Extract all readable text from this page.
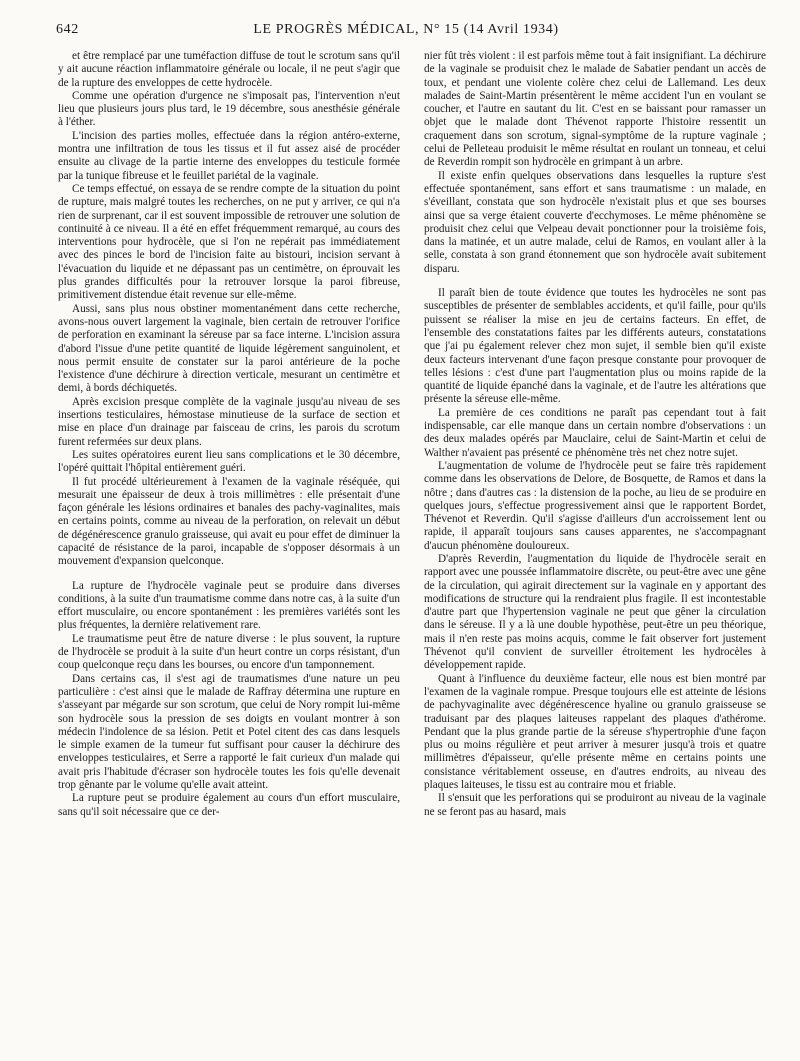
642	LE PROGRÈS MÉDICAL, N° 15 (14 Avril 1934)

et être remplacé par une tuméfaction diffuse de tout le scrotum sans qu'il y ait aucune réaction inflammatoire générale ou locale, il ne peut s'agir que de la rupture des enveloppes de cette hydrocèle.

Comme une opération d'urgence ne s'imposait pas, l'intervention n'eut lieu que plusieurs jours plus tard, le 19 décembre, sous anesthésie générale à l'éther.

L'incision des parties molles, effectuée dans la région antéro-externe, montra une infiltration de tous les tissus et il fut assez aisé de procéder ensuite au clivage de la partie interne des enveloppes du testicule formée par la tunique fibreuse et le feuillet pariétal de la vaginale.

Ce temps effectué, on essaya de se rendre compte de la situation du point de rupture, mais malgré toutes les recherches, on ne put y arriver, ce qui n'a rien de surprenant, car il est souvent impossible de retrouver une solution de continuité à ce niveau. Il a été en effet fréquemment remarqué, au cours des interventions pour hydrocèle, que si l'on ne repérait pas immédiatement avec des pinces le bord de l'incision faite au bistouri, incision servant à l'évacuation du liquide et ne dépassant pas un centimètre, on éprouvait les plus grandes difficultés pour la retrouver lorsque la paroi fibreuse, primitivement distendue était revenue sur elle-même.

Aussi, sans plus nous obstiner momentanément dans cette recherche, avons-nous ouvert largement la vaginale, bien certain de retrouver l'orifice de perforation en examinant la séreuse par sa face interne. L'incision assura d'abord l'issue d'une petite quantité de liquide légèrement sanguinolent, et nous permit ensuite de constater sur la paroi antérieure de la poche l'existence d'une déchirure à direction verticale, mesurant un centimètre et demi, à bords déchiquetés.

Après excision presque complète de la vaginale jusqu'au niveau de ses insertions testiculaires, hémostase minutieuse de la surface de section et mise en place d'un drainage par faisceau de crins, les parois du scrotum furent refermées sur deux plans.

Les suites opératoires eurent lieu sans complications et le 30 décembre, l'opéré quittait l'hôpital entièrement guéri.

Il fut procédé ultérieurement à l'examen de la vaginale réséquée, qui mesurait une épaisseur de deux à trois millimètres : elle présentait d'une façon générale les lésions ordinaires et banales des pachy-vaginalites, mais en certains points, comme au niveau de la perforation, on relevait un début de dégénérescence granulo graisseuse, qui avait eu pour effet de diminuer la capacité de résistance de la paroi, incapable de s'opposer désormais à un mouvement d'expansion quelconque.

La rupture de l'hydrocèle vaginale peut se produire dans diverses conditions, à la suite d'un traumatisme comme dans notre cas, à la suite d'un effort musculaire, ou encore spontanément : les premières variétés sont les plus fréquentes, la dernière relativement rare.

Le traumatisme peut être de nature diverse : le plus souvent, la rupture de l'hydrocèle se produit à la suite d'un heurt contre un corps résistant, d'un coup quelconque reçu dans les bourses, ou encore d'un tamponnement.

Dans certains cas, il s'est agi de traumatismes d'une nature un peu particulière : c'est ainsi que le malade de Raffray détermina une rupture en s'asseyant par mégarde sur son scrotum, que celui de Nory rompit lui-même son hydrocèle sous la pression de ses doigts en voulant montrer à son médecin l'indolence de sa lésion. Petit et Potel citent des cas dans lesquels le simple examen de la tumeur fut suffisant pour causer la déchirure des enveloppes testiculaires, et Serre a rapporté le fait curieux d'un malade qui avait pris l'habitude d'écraser son hydrocèle toutes les fois qu'elle devenait trop gênante par le volume qu'elle avait atteint.

La rupture peut se produire également au cours d'un effort musculaire, sans qu'il soit nécessaire que ce der-

nier fût très violent : il est parfois même tout à fait insignifiant. La déchirure de la vaginale se produisit chez le malade de Sabatier pendant un accès de toux, et pendant une violente colère chez celui de Lallemand. Les deux malades de Saint-Martin présentèrent le même accident l'un en voulant se coucher, et l'autre en sautant du lit. C'est en se baissant pour ramasser un objet que le malade dont Thévenot rapporte l'histoire ressentit un craquement dans son scrotum, signal-symptôme de la rupture vaginale ; celui de Pelleteau produisit le même résultat en roulant un tonneau, et celui de Reverdin rompit son hydrocèle en grimpant à un arbre.

Il existe enfin quelques observations dans lesquelles la rupture s'est effectuée spontanément, sans effort et sans traumatisme : un malade, en s'éveillant, constata que son hydrocèle n'existait plus et que ses bourses ainsi que sa verge étaient couverte d'ecchymoses. Le même phénomène se produisit chez celui que Velpeau devait ponctionner pour la troisième fois, dans la matinée, et un autre malade, celui de Ramos, en voulant aller à la selle, constata à son grand étonnement que son hydrocèle avait subitement disparu.

Il paraît bien de toute évidence que toutes les hydrocèles ne sont pas susceptibles de présenter de semblables accidents, et qu'il faille, pour qu'ils puissent se réaliser la mise en jeu de certains facteurs. En effet, de l'ensemble des constatations faites par les différents auteurs, constatations que j'ai pu également relever chez mon sujet, il semble bien qu'il existe deux facteurs intervenant d'une façon presque constante pour provoquer de telles lésions : c'est d'une part l'augmentation plus ou moins rapide de la quantité de liquide épanché dans la vaginale, et de l'autre les altérations que présente la séreuse elle-même.

La première de ces conditions ne paraît pas cependant tout à fait indispensable, car elle manque dans un certain nombre d'observations : un des deux malades opérés par Mauclaire, celui de Saint-Martin et celui de Walther n'avaient pas présenté ce phénomène très net chez notre sujet.

L'augmentation de volume de l'hydrocèle peut se faire très rapidement comme dans les observations de Delore, de Bosquette, de Ramos et dans la nôtre ; dans d'autres cas : la distension de la poche, au lieu de se produire en quelques jours, s'effectue progressivement ainsi que le rapportent Bordet, Thévenot et Reverdin. Qu'il s'agisse d'ailleurs d'un accroissement lent ou rapide, il apparaît toujours sans causes apparentes, ne s'accompagnant d'aucun phénomène douloureux.

D'après Reverdin, l'augmentation du liquide de l'hydrocèle serait en rapport avec une poussée inflammatoire discrète, ou peut-être avec une gêne de la circulation, qui agirait directement sur la vaginale en y apportant des modifications de structure qui la rendraient plus fragile. Il est incontestable d'autre part que l'hypertension vaginale ne peut que gêner la circulation dans le séreuse. Il y a là une double hypothèse, peut-être un peu théorique, mais il n'en reste pas moins acquis, comme le fait observer fort justement Thévenot qu'il convient de surveiller étroitement les hydrocèles à développement rapide.

Quant à l'influence du deuxième facteur, elle nous est bien montré par l'examen de la vaginale rompue. Presque toujours elle est atteinte de lésions de pachyvaginalite avec dégénérescence hyaline ou granulo graisseuse se traduisant par des plaques laiteuses rappelant des plaques d'athérome. Pendant que la plus grande partie de la séreuse s'hypertrophie d'une façon plus ou moins régulière et peut arriver à mesurer jusqu'à trois et quatre millimètres d'épaisseur, qu'elle présente même en certains points une consistance véritablement osseuse, en d'autres endroits, au niveau des plaques laiteuses, le tissu est au contraire mou et friable.

Il s'ensuit que les perforations qui se produiront au niveau de la vaginale ne se feront pas au hasard, mais
